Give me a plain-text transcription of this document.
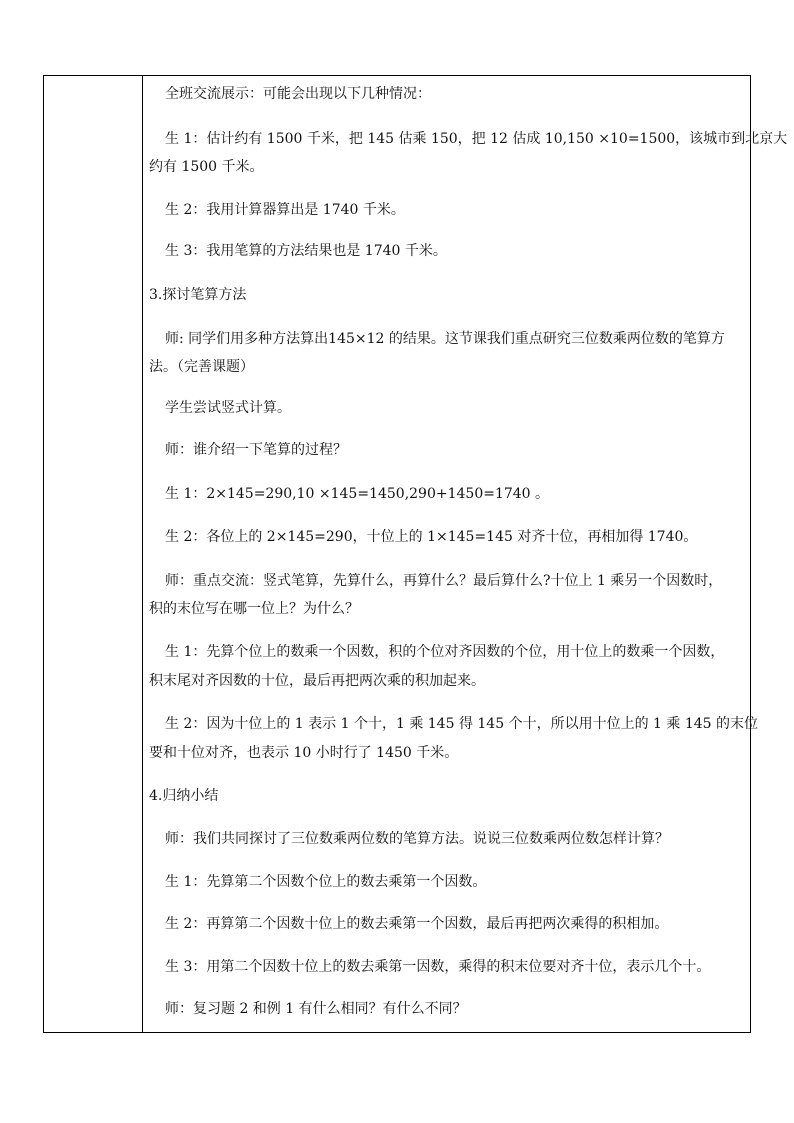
全班交流展示：可能会出现以下几种情况：

生 1：估计约有 1500 千米，把 145 估乘 150，把 12 估成 10,150 ×10=1500，该城市到北京大

约有 1500 千米。

生 2：我用计算器算出是 1740 千米。

生 3：我用笔算的方法结果也是 1740 千米。

3.探讨笔算方法

师: 同学们用多种方法算出145×12 的结果。这节课我们重点研究三位数乘两位数的笔算方

法。（完善课题）

学生尝试竖式计算。

师：谁介绍一下笔算的过程？

生 1：2×145=290,10 ×145=1450,290+1450=1740 。

生 2：各位上的 2×145=290，十位上的 1×145=145 对齐十位，再相加得 1740。

师：重点交流：竖式笔算，先算什么，再算什么？最后算什么?十位上 1 乘另一个因数时，

积的末位写在哪一位上？为什么？

生 1：先算个位上的数乘一个因数，积的个位对齐因数的个位，用十位上的数乘一个因数，

积末尾对齐因数的十位，最后再把两次乘的积加起来。

生 2：因为十位上的 1 表示 1 个十，1 乘 145 得 145 个十，所以用十位上的 1 乘 145 的末位

要和十位对齐，也表示 10 小时行了 1450 千米。

4.归纳小结

师：我们共同探讨了三位数乘两位数的笔算方法。说说三位数乘两位数怎样计算？

生 1：先算第二个因数个位上的数去乘第一个因数。

生 2：再算第二个因数十位上的数去乘第一个因数，最后再把两次乘得的积相加。

生 3：用第二个因数十位上的数去乘第一因数，乘得的积末位要对齐十位，表示几个十。

师：复习题 2 和例 1 有什么相同？有什么不同？
